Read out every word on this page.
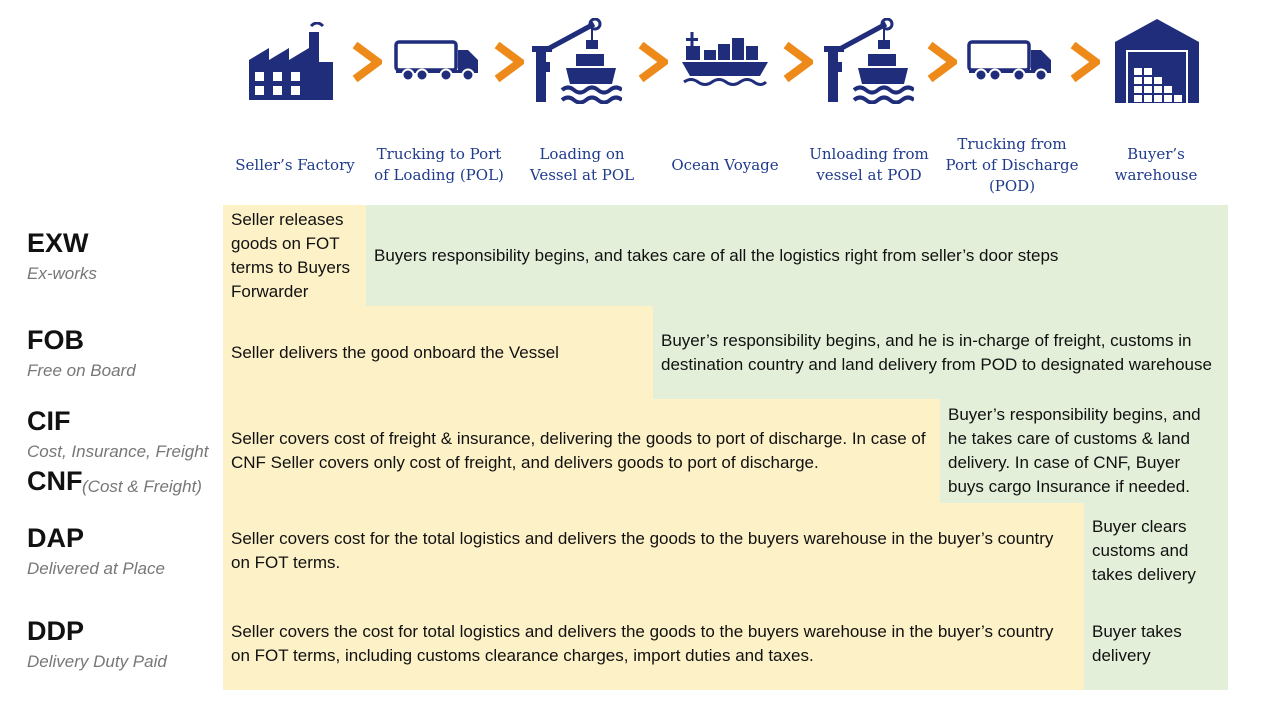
Seller’s Factory
Trucking to Port of Loading (POL)
Loading on Vessel at POL
Ocean Voyage
Unloading from vessel at POD
Trucking from Port of Discharge (POD)
Buyer’s warehouse
EXW
Ex-works
FOB
Free on Board
CIF
Cost, Insurance, Freight
CNF (Cost & Freight)
DAP
Delivered at Place
DDP
Delivery Duty Paid
Seller releases goods on FOT terms to Buyers Forwarder
Buyers responsibility begins, and takes care of all the logistics right from seller’s door steps
Seller delivers the good onboard the Vessel
Buyer’s responsibility begins, and he is in-charge of freight, customs in destination country and land delivery from POD to designated warehouse
Seller covers cost of freight & insurance, delivering the goods to port of discharge. In case of CNF Seller covers only cost of freight, and delivers goods to port of discharge.
Buyer’s responsibility begins, and he takes care of customs & land delivery. In case of CNF, Buyer buys cargo Insurance if needed.
Seller covers cost for the total logistics and delivers the goods to the buyers warehouse in the buyer’s country on FOT terms.
Buyer clears customs and takes delivery
Seller covers the cost for total logistics and delivers the goods to the buyers warehouse in the buyer’s country on FOT terms, including customs clearance charges, import duties and taxes.
Buyer takes delivery
